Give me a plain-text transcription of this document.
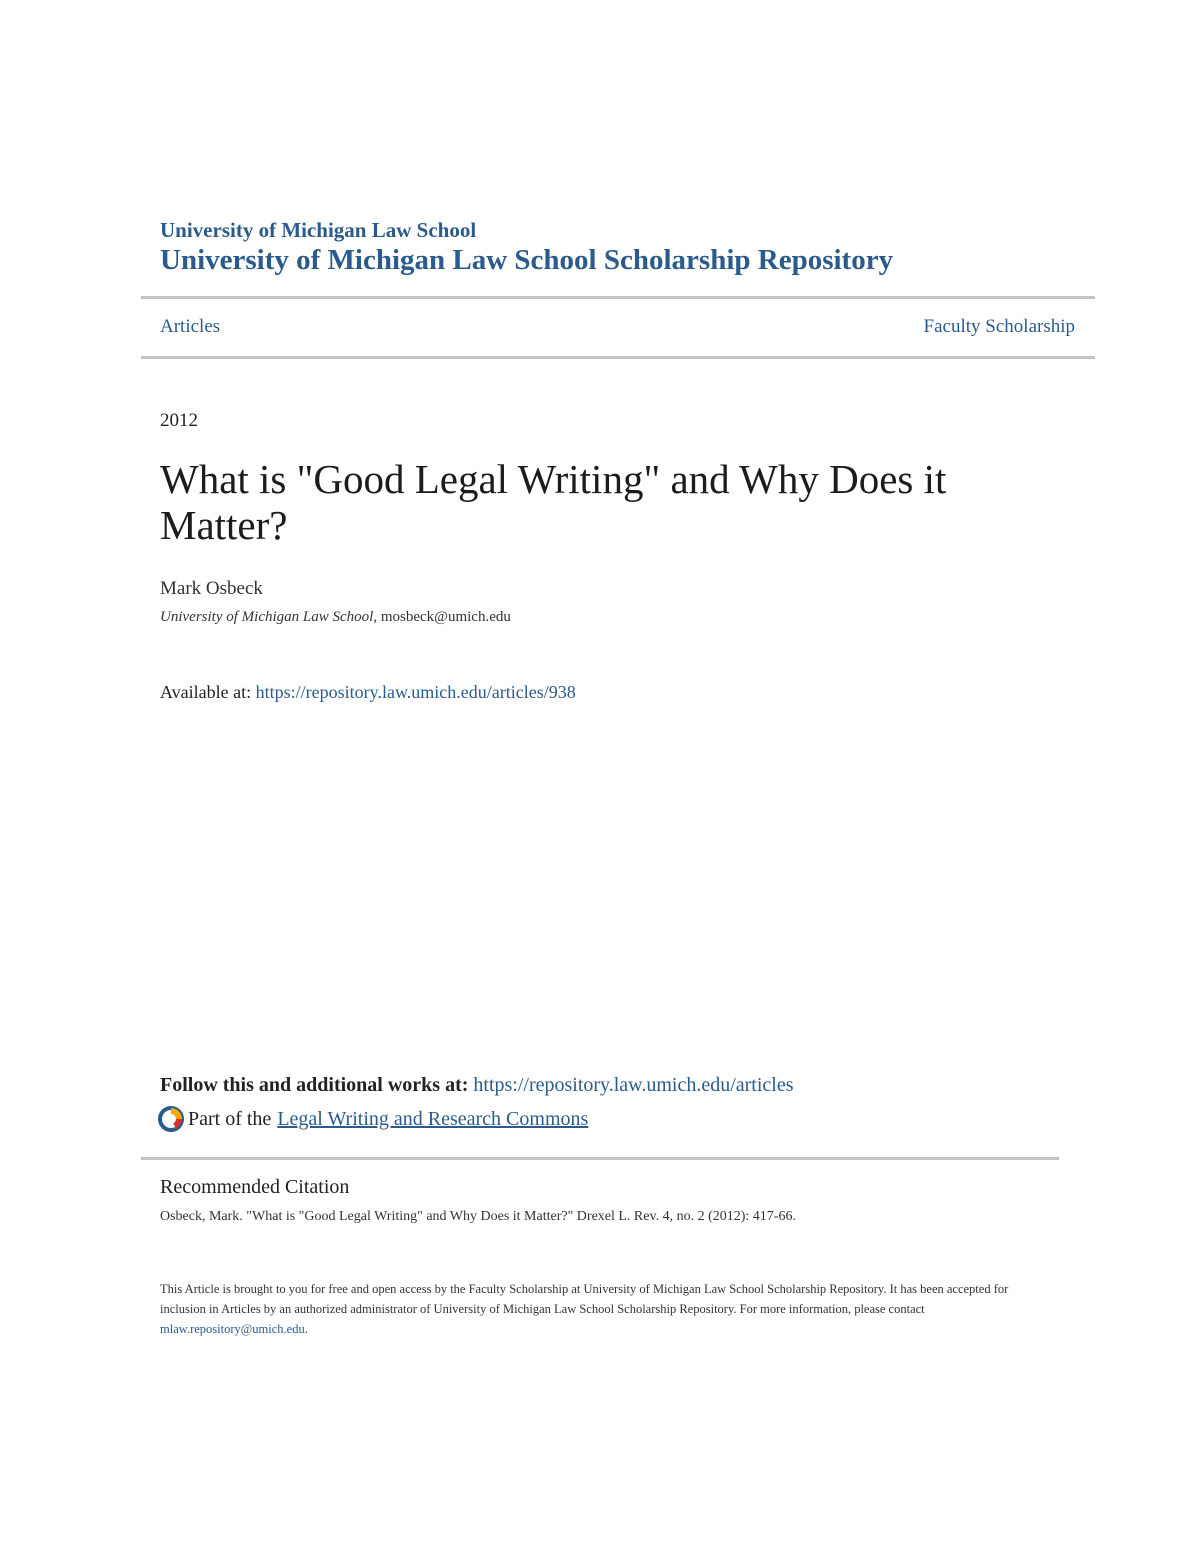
University of Michigan Law School
University of Michigan Law School Scholarship Repository
Articles	Faculty Scholarship
2012
What is "Good Legal Writing" and Why Does it Matter?
Mark Osbeck
University of Michigan Law School, mosbeck@umich.edu
Available at: https://repository.law.umich.edu/articles/938
Follow this and additional works at: https://repository.law.umich.edu/articles
Part of the Legal Writing and Research Commons
Recommended Citation
Osbeck, Mark. "What is "Good Legal Writing" and Why Does it Matter?" Drexel L. Rev. 4, no. 2 (2012): 417-66.
This Article is brought to you for free and open access by the Faculty Scholarship at University of Michigan Law School Scholarship Repository. It has been accepted for inclusion in Articles by an authorized administrator of University of Michigan Law School Scholarship Repository. For more information, please contact mlaw.repository@umich.edu.
